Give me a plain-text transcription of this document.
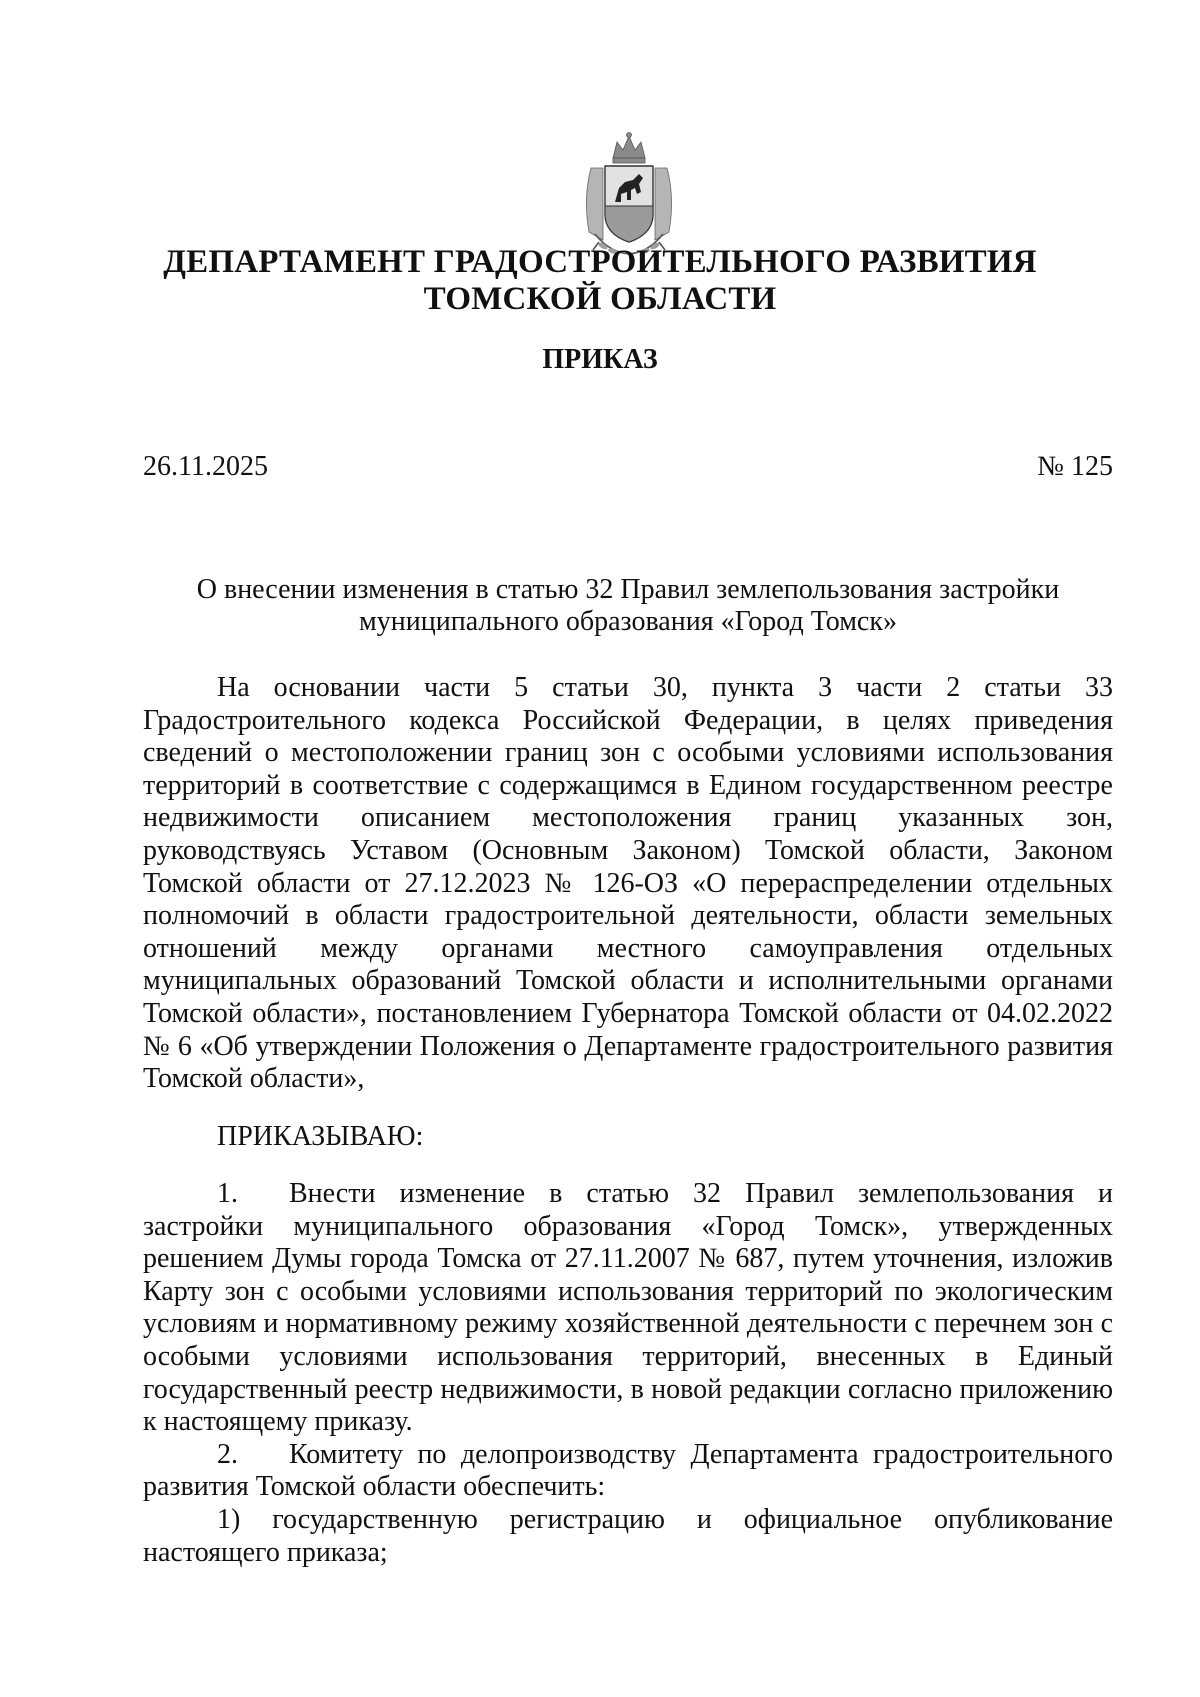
ДЕПАРТАМЕНТ ГРАДОСТРОИТЕЛЬНОГО РАЗВИТИЯ
ТОМСКОЙ ОБЛАСТИ
ПРИКАЗ
26.11.2025	№ 125
О внесении изменения в статью 32 Правил землепользования застройки муниципального образования «Город Томск»

На основании части 5 статьи 30, пункта 3 части 2 статьи 33 Градостроительного кодекса Российской Федерации, в целях приведения сведений о местоположении границ зон с особыми условиями использования территорий в соответствие с содержащимся в Едином государственном реестре недвижимости описанием местоположения границ указанных зон, руководствуясь Уставом (Основным Законом) Томской области, Законом Томской области от 27.12.2023 № 126-ОЗ «О перераспределении отдельных полномочий в области градостроительной деятельности, области земельных отношений между органами местного самоуправления отдельных муниципальных образований Томской области и исполнительными органами Томской области», постановлением Губернатора Томской области от 04.02.2022 № 6 «Об утверждении Положения о Департаменте градостроительного развития Томской области»,

ПРИКАЗЫВАЮ:

1. Внести изменение в статью 32 Правил землепользования и застройки муниципального образования «Город Томск», утвержденных решением Думы города Томска от 27.11.2007 № 687, путем уточнения, изложив Карту зон с особыми условиями использования территорий по экологическим условиям и нормативному режиму хозяйственной деятельности с перечнем зон с особыми условиями использования территорий, внесенных в Единый государственный реестр недвижимости, в новой редакции согласно приложению к настоящему приказу.

2. Комитету по делопроизводству Департамента градостроительного развития Томской области обеспечить:

1) государственную регистрацию и официальное опубликование настоящего приказа;
